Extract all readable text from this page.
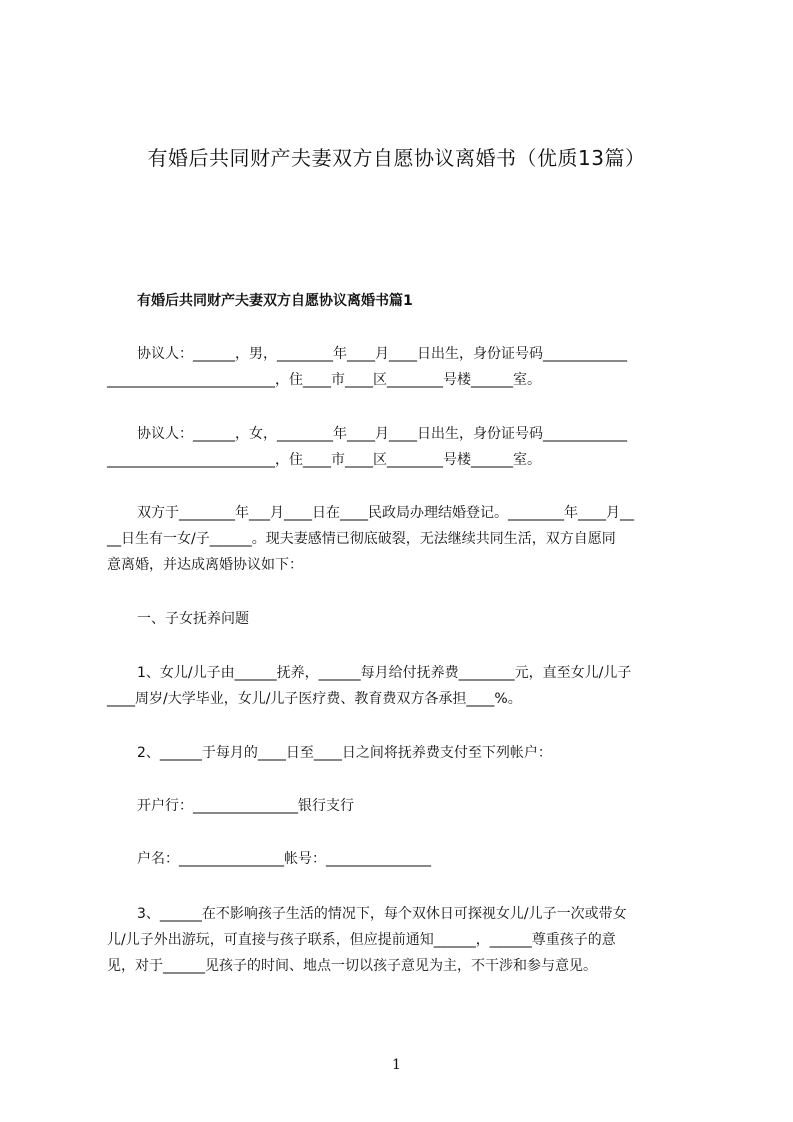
有婚后共同财产夫妻双方自愿协议离婚书（优质13篇）
有婚后共同财产夫妻双方自愿协议离婚书篇1
协议人：______，男，________年____月____日出生，身份证号码____________
________________________，住____市____区________号楼______室。
协议人：______，女，________年____月____日出生，身份证号码____________
________________________，住____市____区________号楼______室。
双方于________年___月____日在____民政局办理结婚登记。________年____月__
__日生有一女/子______。现夫妻感情已彻底破裂，无法继续共同生活，双方自愿同
意离婚，并达成离婚协议如下：
一、子女抚养问题
1、女儿/儿子由______抚养，______每月给付抚养费________元，直至女儿/儿子
____周岁/大学毕业，女儿/儿子医疗费、教育费双方各承担____%。
2、______于每月的____日至____日之间将抚养费支付至下列帐户：
开户行：_______________银行支行
户名：_______________帐号：_______________
3、______在不影响孩子生活的情况下，每个双休日可探视女儿/儿子一次或带女
儿/儿子外出游玩，可直接与孩子联系，但应提前通知______，______尊重孩子的意
见，对于______见孩子的时间、地点一切以孩子意见为主，不干涉和参与意见。
1
